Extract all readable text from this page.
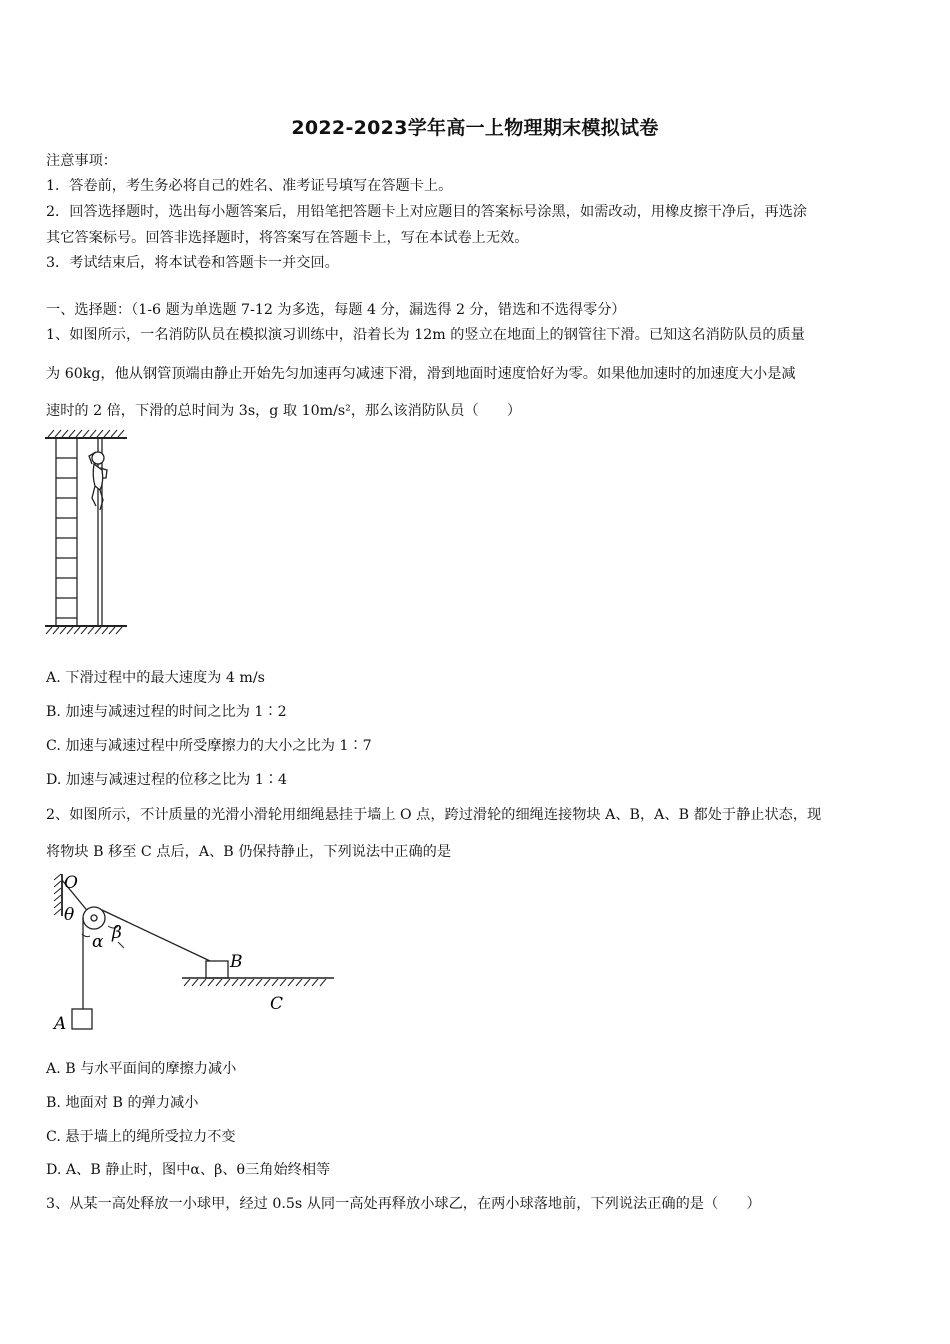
2022-2023学年高一上物理期末模拟试卷
注意事项：
1．答卷前，考生务必将自己的姓名、准考证号填写在答题卡上。
2．回答选择题时，选出每小题答案后，用铅笔把答题卡上对应题目的答案标号涂黑，如需改动，用橡皮擦干净后，再选涂
其它答案标号。回答非选择题时，将答案写在答题卡上，写在本试卷上无效。
3．考试结束后，将本试卷和答题卡一并交回。
一、选择题：（1-6 题为单选题 7-12 为多选，每题 4 分，漏选得 2 分，错选和不选得零分）
1、如图所示，一名消防队员在模拟演习训练中，沿着长为 12m 的竖立在地面上的钢管往下滑。已知这名消防队员的质量
为 60kg，他从钢管顶端由静止开始先匀加速再匀减速下滑，滑到地面时速度恰好为零。如果他加速时的加速度大小是减
速时的 2 倍，下滑的总时间为 3s，g 取 10m/s²，那么该消防队员（　　）
A. 下滑过程中的最大速度为 4 m/s
B. 加速与减速过程的时间之比为 1∶2
C. 加速与减速过程中所受摩擦力的大小之比为 1∶7
D. 加速与减速过程的位移之比为 1∶4
2、如图所示，不计质量的光滑小滑轮用细绳悬挂于墙上 O 点，跨过滑轮的细绳连接物块 A、B，A、B 都处于静止状态，现
将物块 B 移至 C 点后，A、B 仍保持静止，下列说法中正确的是
O
θ
α β
B
C
A
A. B 与水平面间的摩擦力减小
B. 地面对 B 的弹力减小
C. 悬于墙上的绳所受拉力不变
D. A、B 静止时，图中α、β、θ三角始终相等
3、从某一高处释放一小球甲，经过 0.5s 从同一高处再释放小球乙，在两小球落地前，下列说法正确的是（　　）
